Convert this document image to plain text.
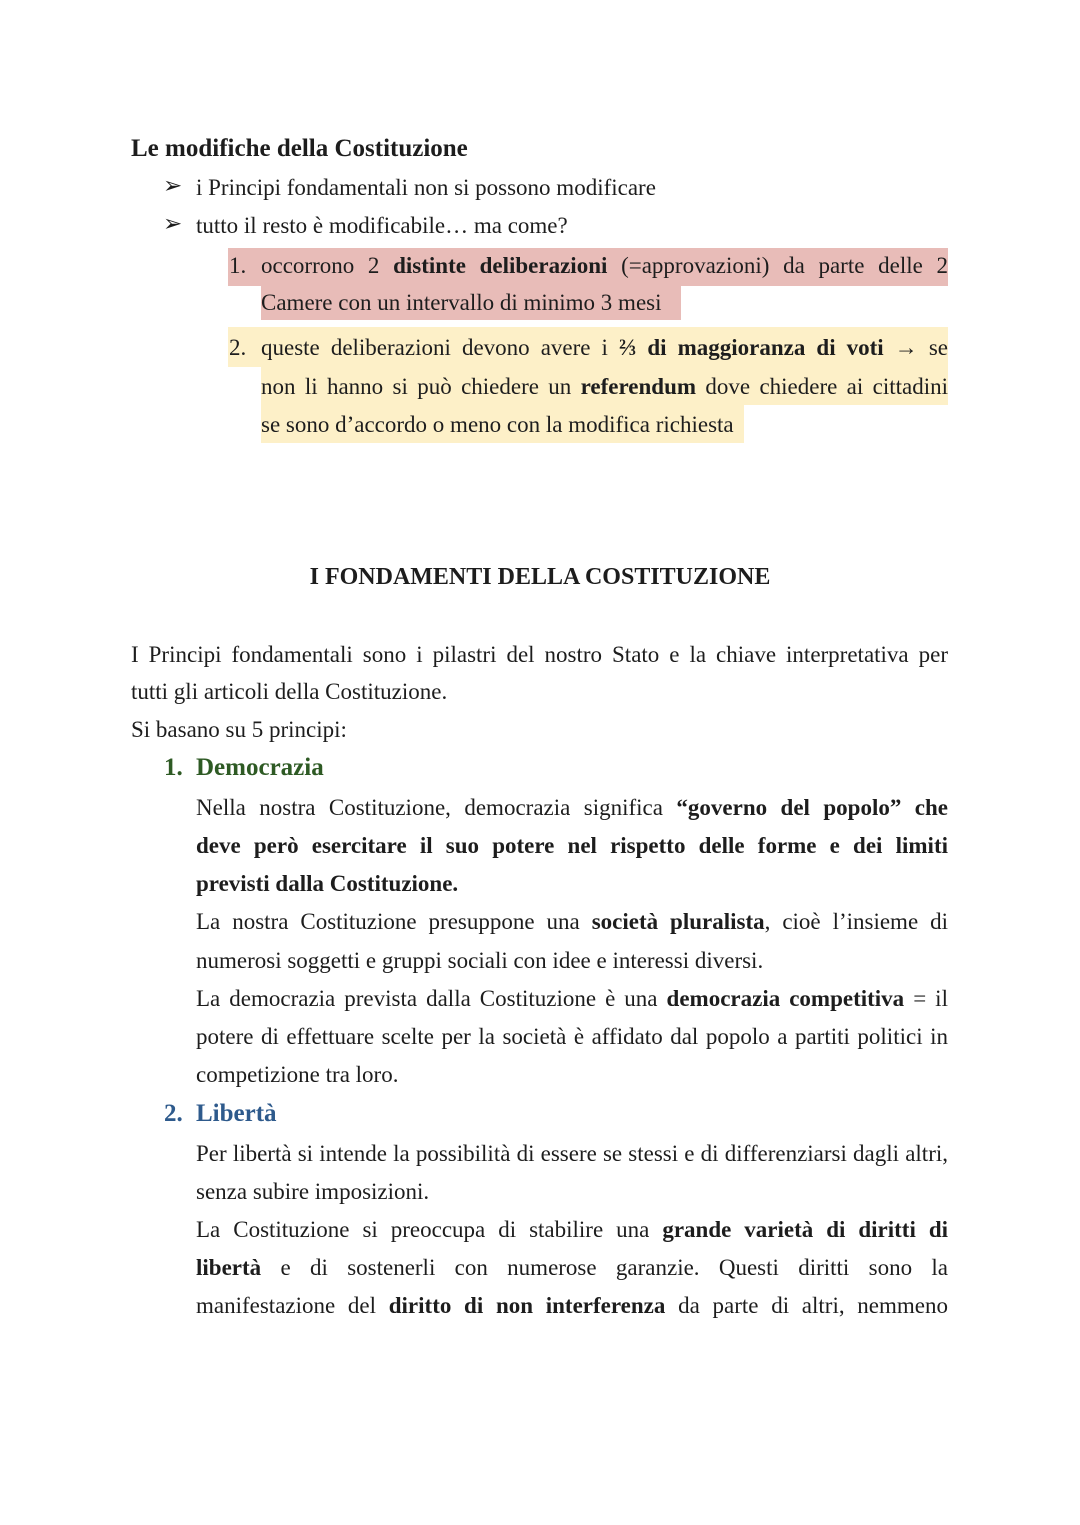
Le modifiche della Costituzione
➢ i Principi fondamentali non si possono modificare
➢ tutto il resto è modificabile… ma come?
1. occorrono 2 distinte deliberazioni (=approvazioni) da parte delle 2
Camere con un intervallo di minimo 3 mesi
2. queste deliberazioni devono avere i ⅔ di maggioranza di voti → se
non li hanno si può chiedere un referendum dove chiedere ai cittadini
se sono d’accordo o meno con la modifica richiesta
I FONDAMENTI DELLA COSTITUZIONE
I Principi fondamentali sono i pilastri del nostro Stato e la chiave interpretativa per
tutti gli articoli della Costituzione.
Si basano su 5 principi:
1. Democrazia
Nella nostra Costituzione, democrazia significa “governo del popolo” che
deve però esercitare il suo potere nel rispetto delle forme e dei limiti
previsti dalla Costituzione.
La nostra Costituzione presuppone una società pluralista, cioè l’insieme di
numerosi soggetti e gruppi sociali con idee e interessi diversi.
La democrazia prevista dalla Costituzione è una democrazia competitiva = il
potere di effettuare scelte per la società è affidato dal popolo a partiti politici in
competizione tra loro.
2. Libertà
Per libertà si intende la possibilità di essere se stessi e di differenziarsi dagli altri,
senza subire imposizioni.
La Costituzione si preoccupa di stabilire una grande varietà di diritti di
libertà e di sostenerli con numerose garanzie. Questi diritti sono la
manifestazione del diritto di non interferenza da parte di altri, nemmeno
